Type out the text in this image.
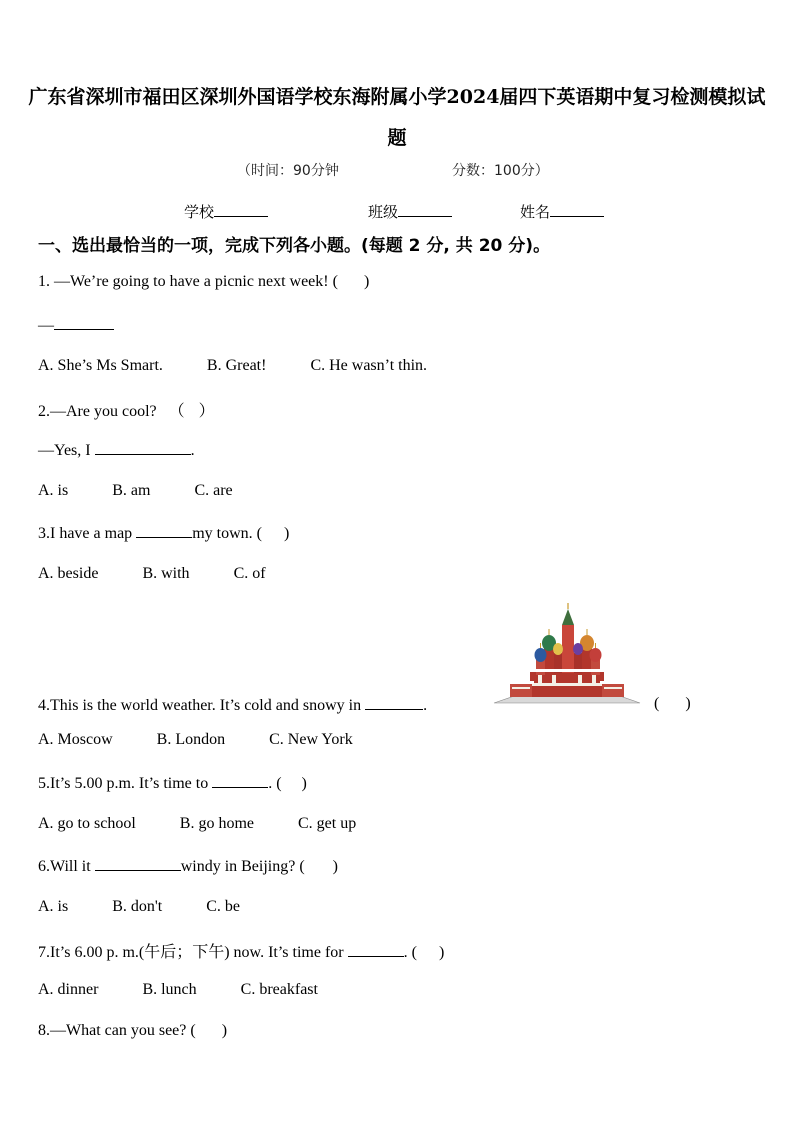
广东省深圳市福田区深圳外国语学校东海附属小学2024届四下英语期中复习检测模拟试
题
（时间：90分钟	分数：100分）
学校	班级	姓名
一、选出最恰当的一项，完成下列各小题。(每题 2 分, 共 20 分)。
1. —We’re going to have a picnic next week! ( )
—
A. She’s Ms Smart.	B. Great!	C. He wasn’t thin.
2.—Are you cool? （ ）
—Yes, I	.
A. is	B. am	C. are
3.I have a map	my town. ( )
A. beside	B. with	C. of
4.This is the world weather. It’s cold and snowy in	.	( )
A. Moscow	B. London	C. New York
5.It’s 5.00 p.m. It’s time to	. ( )
A. go to school	B. go home	C. get up
6.Will it	windy in Beijing? ( )
A. is	B. don't	C. be
7.It’s 6.00 p. m.(午后；下午) now. It’s time for	. ( )
A. dinner	B. lunch	C. breakfast
8.—What can you see? ( )
